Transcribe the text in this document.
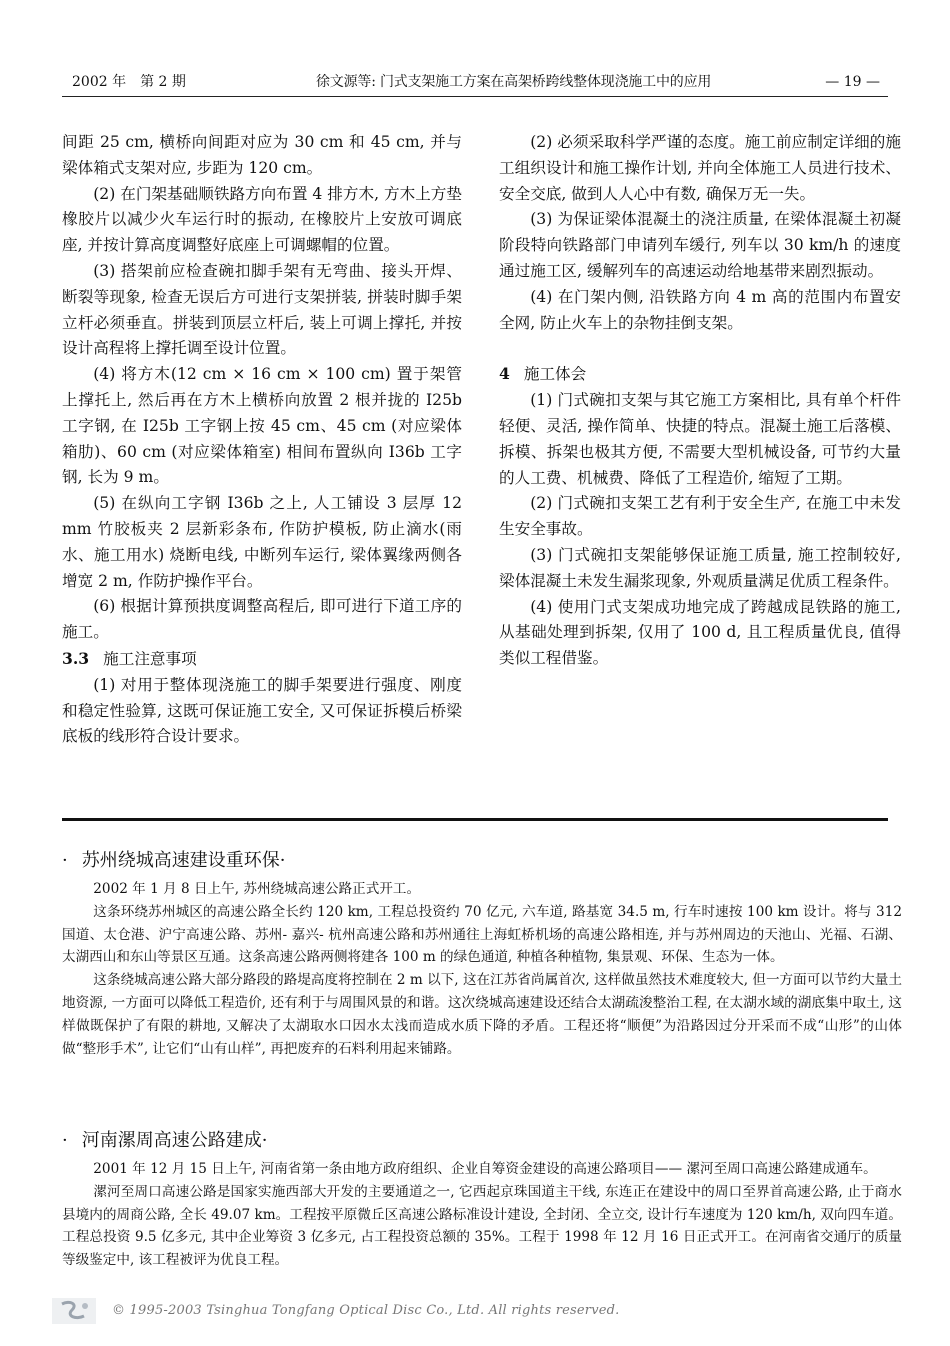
2002 年 第 2 期	徐文源等: 门式支架施工方案在高架桥跨线整体现浇施工中的应用	— 19 —

间距 25 cm, 横桥向间距对应为 30 cm 和 45 cm, 并与梁体箱式支架对应, 步距为 120 cm。

(2) 在门架基础顺铁路方向布置 4 排方木, 方木上方垫橡胶片以减少火车运行时的振动, 在橡胶片上安放可调底座, 并按计算高度调整好底座上可调螺帽的位置。

(3) 搭架前应检查碗扣脚手架有无弯曲、接头开焊、断裂等现象, 检查无误后方可进行支架拼装, 拼装时脚手架立杆必须垂直。拼装到顶层立杆后, 装上可调上撑托, 并按设计高程将上撑托调至设计位置。

(4) 将方木(12 cm × 16 cm × 100 cm) 置于架管上撑托上, 然后再在方木上横桥向放置 2 根并拢的 I25b 工字钢, 在 I25b 工字钢上按 45 cm、45 cm (对应梁体箱肋)、60 cm (对应梁体箱室) 相间布置纵向 I36b 工字钢, 长为 9 m。

(5) 在纵向工字钢 I36b 之上, 人工铺设 3 层厚 12 mm 竹胶板夹 2 层新彩条布, 作防护模板, 防止滴水(雨水、施工用水) 烧断电线, 中断列车运行, 梁体翼缘两侧各增宽 2 m, 作防护操作平台。

(6) 根据计算预拱度调整高程后, 即可进行下道工序的施工。

3.3 施工注意事项

(1) 对用于整体现浇施工的脚手架要进行强度、刚度和稳定性验算, 这既可保证施工安全, 又可保证拆模后桥梁底板的线形符合设计要求。

(2) 必须采取科学严谨的态度。施工前应制定详细的施工组织设计和施工操作计划, 并向全体施工人员进行技术、安全交底, 做到人人心中有数, 确保万无一失。

(3) 为保证梁体混凝土的浇注质量, 在梁体混凝土初凝阶段特向铁路部门申请列车缓行, 列车以 30 km/h 的速度通过施工区, 缓解列车的高速运动给地基带来剧烈振动。

(4) 在门架内侧, 沿铁路方向 4 m 高的范围内布置安全网, 防止火车上的杂物挂倒支架。

4 施工体会

(1) 门式碗扣支架与其它施工方案相比, 具有单个杆件轻便、灵活, 操作简单、快捷的特点。混凝土施工后落模、拆模、拆架也极其方便, 不需要大型机械设备, 可节约大量的人工费、机械费、降低了工程造价, 缩短了工期。

(2) 门式碗扣支架工艺有利于安全生产, 在施工中未发生安全事故。

(3) 门式碗扣支架能够保证施工质量, 施工控制较好, 梁体混凝土未发生漏浆现象, 外观质量满足优质工程条件。

(4) 使用门式支架成功地完成了跨越成昆铁路的施工, 从基础处理到拆架, 仅用了 100 d, 且工程质量优良, 值得类似工程借鉴。

· 苏州绕城高速建设重环保·

2002 年 1 月 8 日上午, 苏州绕城高速公路正式开工。

这条环绕苏州城区的高速公路全长约 120 km, 工程总投资约 70 亿元, 六车道, 路基宽 34.5 m, 行车时速按 100 km 设计。将与 312 国道、太仓港、沪宁高速公路、苏州- 嘉兴- 杭州高速公路和苏州通往上海虹桥机场的高速公路相连, 并与苏州周边的天池山、光福、石湖、太湖西山和东山等景区互通。这条高速公路两侧将建各 100 m 的绿色通道, 种植各种植物, 集景观、环保、生态为一体。

这条绕城高速公路大部分路段的路堤高度将控制在 2 m 以下, 这在江苏省尚属首次, 这样做虽然技术难度较大, 但一方面可以节约大量土地资源, 一方面可以降低工程造价, 还有利于与周围风景的和谐。这次绕城高速建设还结合太湖疏浚整治工程, 在太湖水域的湖底集中取土, 这样做既保护了有限的耕地, 又解决了太湖取水口因水太浅而造成水质下降的矛盾。工程还将“顺便”为沿路因过分开采而不成“山形”的山体做“整形手术”, 让它们“山有山样”, 再把废弃的石料利用起来铺路。

· 河南漯周高速公路建成·

2001 年 12 月 15 日上午, 河南省第一条由地方政府组织、企业自筹资金建设的高速公路项目—— 漯河至周口高速公路建成通车。

漯河至周口高速公路是国家实施西部大开发的主要通道之一, 它西起京珠国道主干线, 东连正在建设中的周口至界首高速公路, 止于商水县境内的周商公路, 全长 49.07 km。工程按平原微丘区高速公路标准设计建设, 全封闭、全立交, 设计行车速度为 120 km/h, 双向四车道。工程总投资 9.5 亿多元, 其中企业筹资 3 亿多元, 占工程投资总额的 35%。工程于 1998 年 12 月 16 日正式开工。在河南省交通厅的质量等级鉴定中, 该工程被评为优良工程。

© 1995-2003 Tsinghua Tongfang Optical Disc Co., Ltd. All rights reserved.
